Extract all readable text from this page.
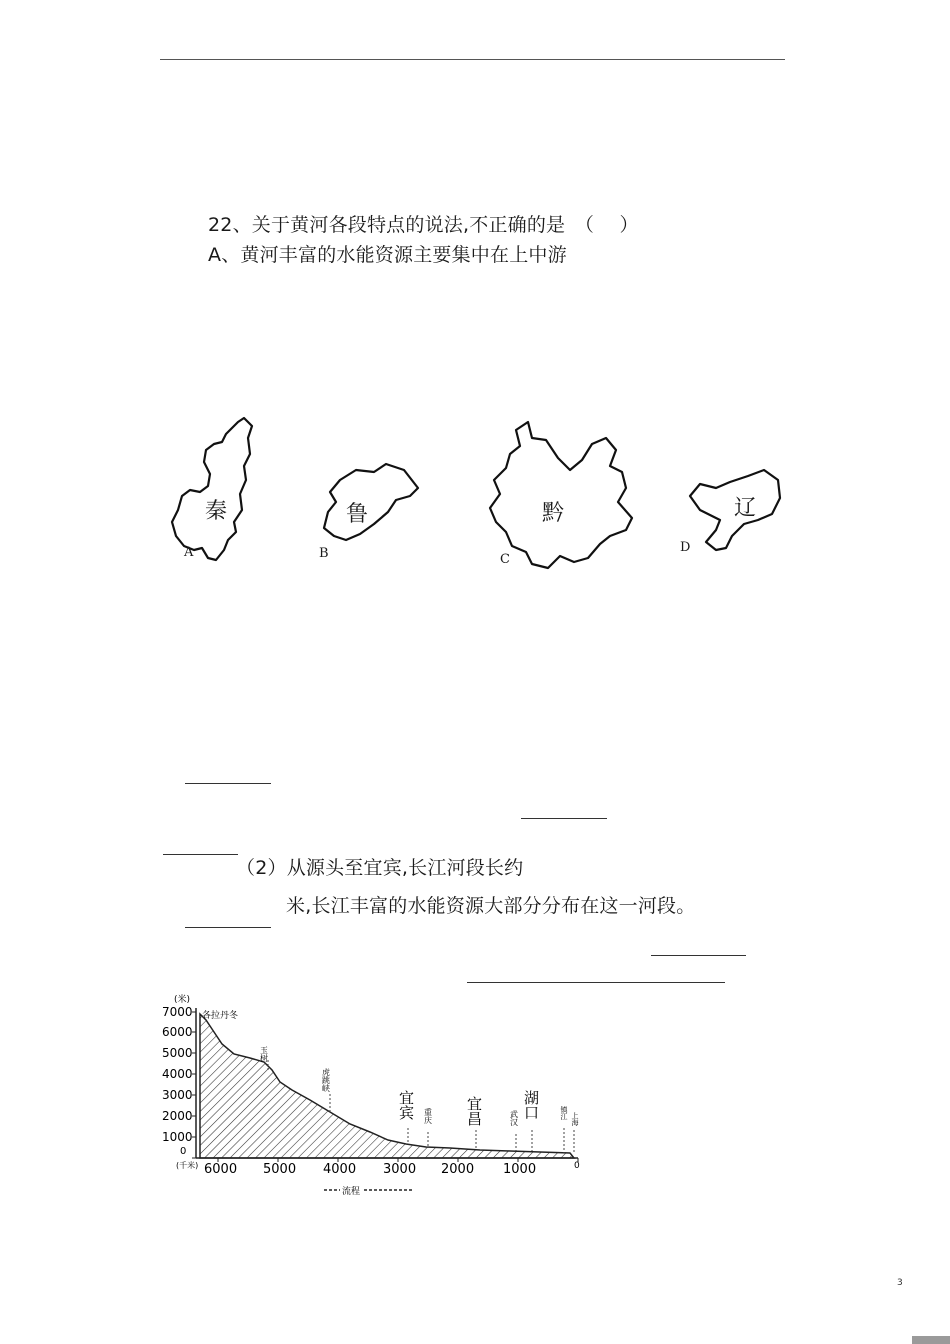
22、关于黄河各段特点的说法,不正确的是　（　 ）
A、黄河丰富的水能资源主要集中在上中游
秦
A
鲁
B
黔
C
辽
D
（2）从源头至宜宾,长江河段长约
米,长江丰富的水能资源大部分分布在这一河段。
(米)
7000
6000
5000
4000
3000
2000
1000
0
(千米) 6000 5000 4000 3000 2000 1000	0
流程
各拉丹冬
玉树
虎跳峡
宜宾 重庆 宜昌	武汉 湖口	镇江 上海
3
